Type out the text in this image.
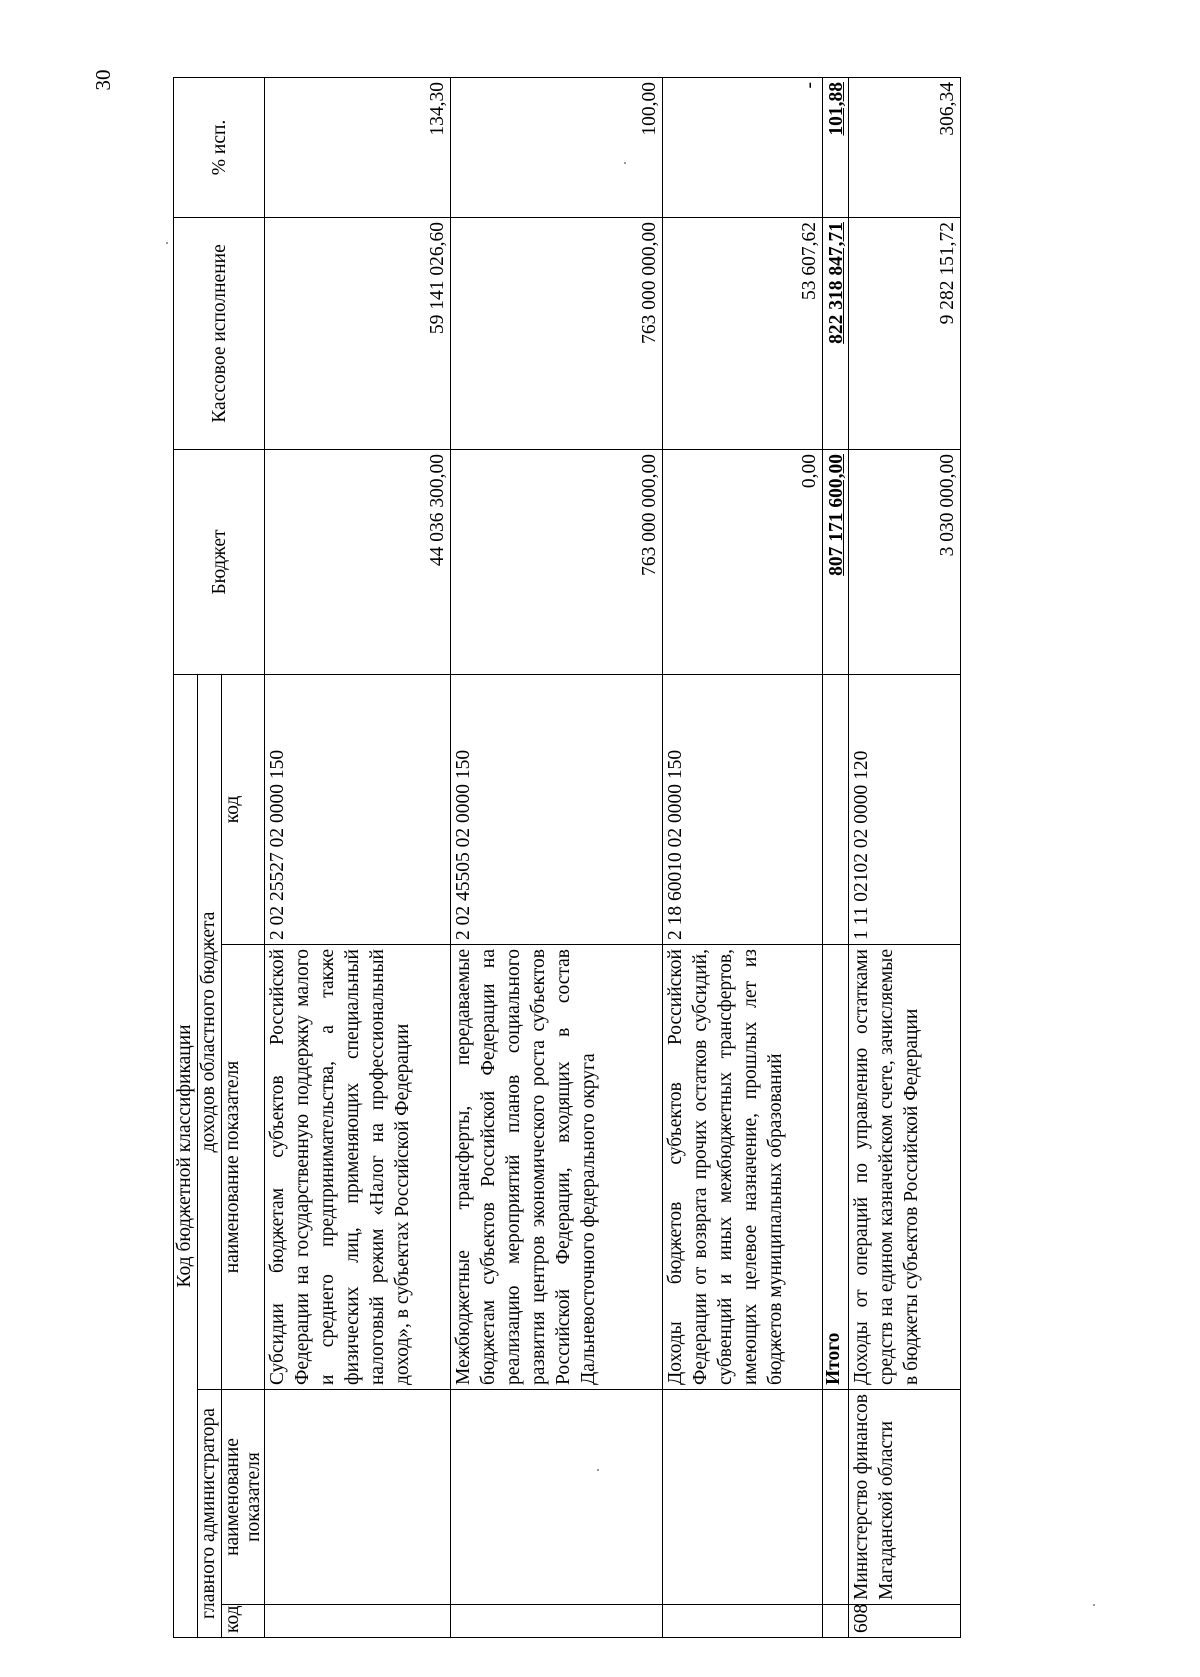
30
Код бюджетной классификации				Бюджет	Кассовое исполнение	% исп.
главного администратора		доходов областного бюджета				
код	наименование показателя	наименование показателя	код			
		Субсидии бюджетам субъектов Российской Федерации на государственную поддержку малого и среднего предпринимательства, а также физических лиц, применяющих специальный налоговый режим «Налог на профессиональный доход», в субъектах Российской Федерации	2 02 25527 02 0000 150	44 036 300,00	59 141 026,60	134,30
		Межбюджетные трансферты, передаваемые бюджетам субъектов Российской Федерации на реализацию мероприятий планов социального развития центров экономического роста субъектов Российской Федерации, входящих в состав Дальневосточного федерального округа	2 02 45505 02 0000 150	763 000 000,00	763 000 000,00	100,00
		Доходы бюджетов субъектов Российской Федерации от возврата прочих остатков субсидий, субвенций и иных межбюджетных трансфертов, имеющих целевое назначение, прошлых лет из бюджетов муниципальных образований	2 18 60010 02 0000 150	0,00	53 607,62	-
		Итого		807 171 600,00	822 318 847,71	101,88
608	Министерство финансов Магаданской области	Доходы от операций по управлению остатками средств на едином казначейском счете, зачисляемые в бюджеты субъектов Российской Федерации	1 11 02102 02 0000 120	3 030 000,00	9 282 151,72	306,34
